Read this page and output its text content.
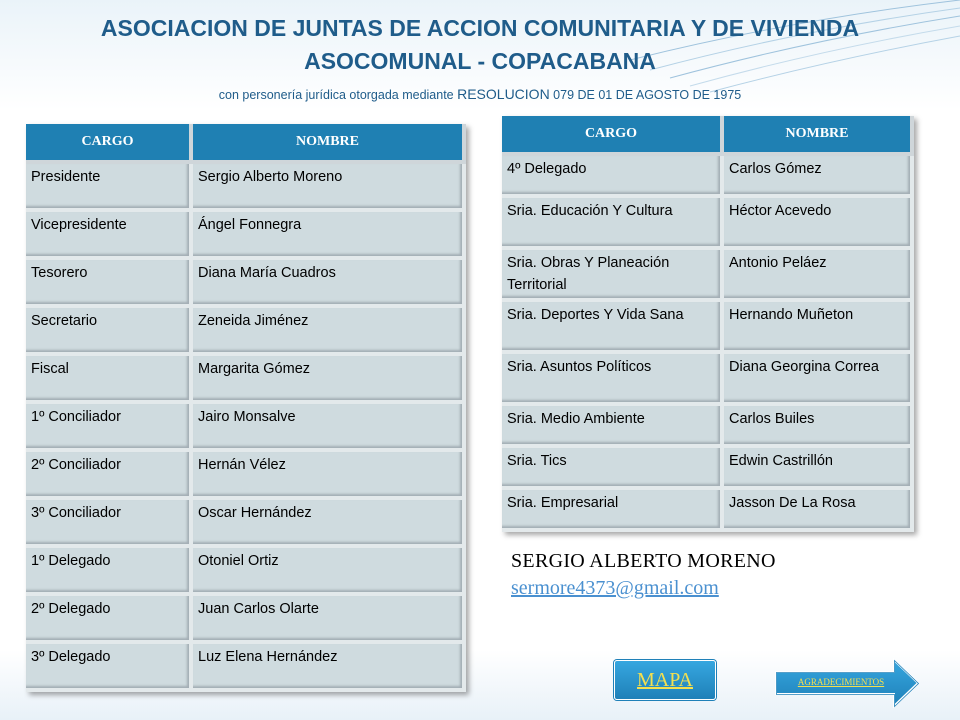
ASOCIACION DE JUNTAS DE ACCION COMUNITARIA Y DE VIVIENDA
ASOCOMUNAL - COPACABANA
con personería jurídica otorgada mediante RESOLUCION 079 DE 01 DE AGOSTO DE 1975
CARGO	NOMBRE
Presidente	Sergio Alberto Moreno
Vicepresidente	Ángel Fonnegra
Tesorero	Diana María Cuadros
Secretario	Zeneida Jiménez
Fiscal	Margarita Gómez
1º Conciliador	Jairo Monsalve
2º Conciliador	Hernán Vélez
3º Conciliador	Oscar Hernández
1º Delegado	Otoniel Ortiz
2º Delegado	Juan Carlos Olarte
3º Delegado	Luz Elena Hernández
CARGO	NOMBRE
4º Delegado	Carlos Gómez
Sria. Educación Y Cultura	Héctor Acevedo
Sria. Obras Y Planeación Territorial	Antonio Peláez
Sria. Deportes Y Vida Sana	Hernando Muñeton
Sria. Asuntos Políticos	Diana Georgina Correa
Sria. Medio Ambiente	Carlos Builes
Sria. Tics	Edwin Castrillón
Sria. Empresarial	Jasson De La Rosa
SERGIO ALBERTO MORENO
sermore4373@gmail.com
MAPA	AGRADECIMIENTOS
